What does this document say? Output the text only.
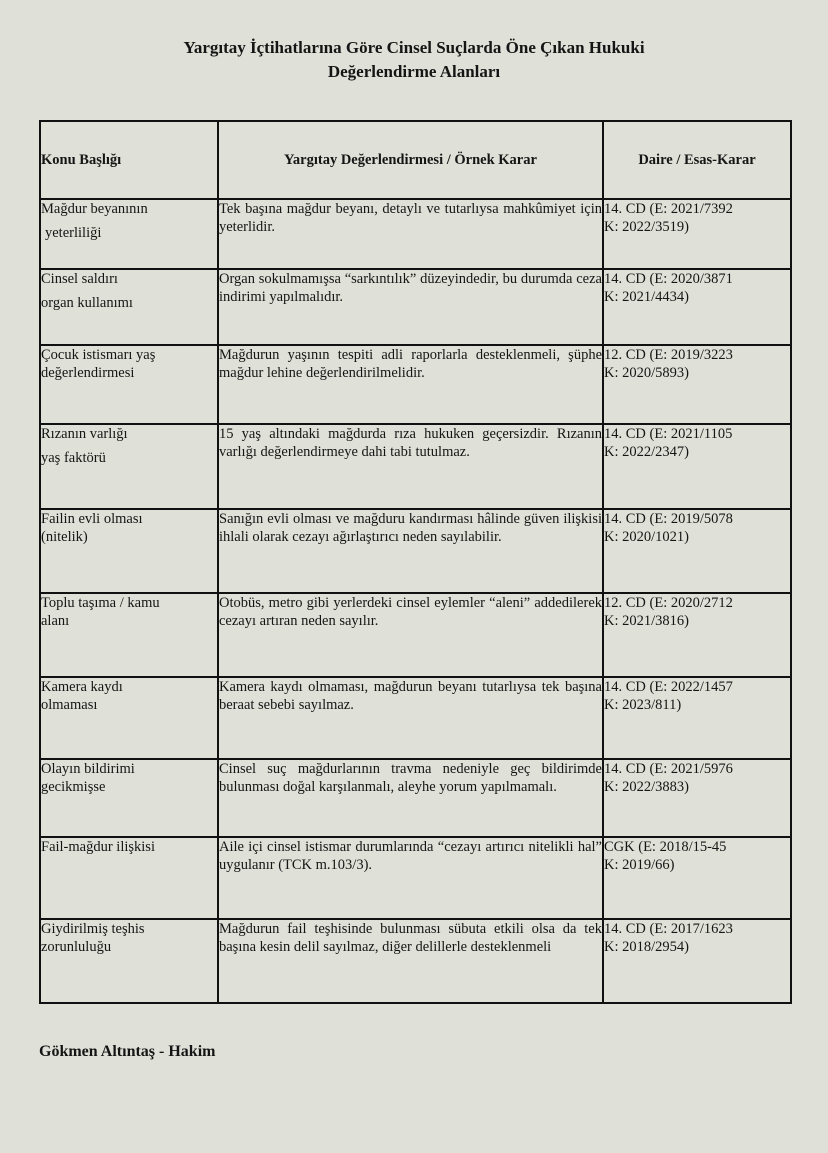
Yargıtay İçtihatlarına Göre Cinsel Suçlarda Öne Çıkan Hukuki
Değerlendirme Alanları
Konu Başlığı	Yargıtay Değerlendirmesi / Örnek Karar	Daire / Esas-Karar

Mağdur beyanının
yeterliliği	Tek başına mağdur beyanı, detaylı ve tutarlıysa mahkûmiyet için yeterlidir.	14. CD (E: 2021/7392
K: 2022/3519)

Cinsel saldırı
organ kullanımı	Organ sokulmamışsa “sarkıntılık” düzeyindedir, bu durumda ceza indirimi yapılmalıdır.	14. CD (E: 2020/3871
K: 2021/4434)

Çocuk istismarı yaş
değerlendirmesi	Mağdurun yaşının tespiti adli raporlarla desteklenmeli, şüphe mağdur lehine değerlendirilmelidir.	12. CD (E: 2019/3223
K: 2020/5893)

Rızanın varlığı
yaş faktörü	15 yaş altındaki mağdurda rıza hukuken geçersizdir. Rızanın varlığı değerlendirmeye dahi tabi tutulmaz.	14. CD (E: 2021/1105
K: 2022/2347)

Failin evli olması
(nitelik)	Sanığın evli olması ve mağduru kandırması hâlinde güven ilişkisi ihlali olarak cezayı ağırlaştırıcı neden sayılabilir.	14. CD (E: 2019/5078
K: 2020/1021)

Toplu taşıma / kamu
alanı	Otobüs, metro gibi yerlerdeki cinsel eylemler “aleni” addedilerek cezayı artıran neden sayılır.	12. CD (E: 2020/2712
K: 2021/3816)

Kamera kaydı
olmaması	Kamera kaydı olmaması, mağdurun beyanı tutarlıysa tek başına beraat sebebi sayılmaz.	14. CD (E: 2022/1457
K: 2023/811)

Olayın bildirimi
gecikmişse	Cinsel suç mağdurlarının travma nedeniyle geç bildirimde bulunması doğal karşılanmalı, aleyhe yorum yapılmamalı.	14. CD (E: 2021/5976
K: 2022/3883)

Fail-mağdur ilişkisi	Aile içi cinsel istismar durumlarında “cezayı artırıcı nitelikli hal” uygulanır (TCK m.103/3).	CGK (E: 2018/15-45
K: 2019/66)

Giydirilmiş teşhis
zorunluluğu	Mağdurun fail teşhisinde bulunması sübuta etkili olsa da tek başına kesin delil sayılmaz, diğer delillerle desteklenmeli	14. CD (E: 2017/1623
K: 2018/2954)
Gökmen Altıntaş - Hakim
